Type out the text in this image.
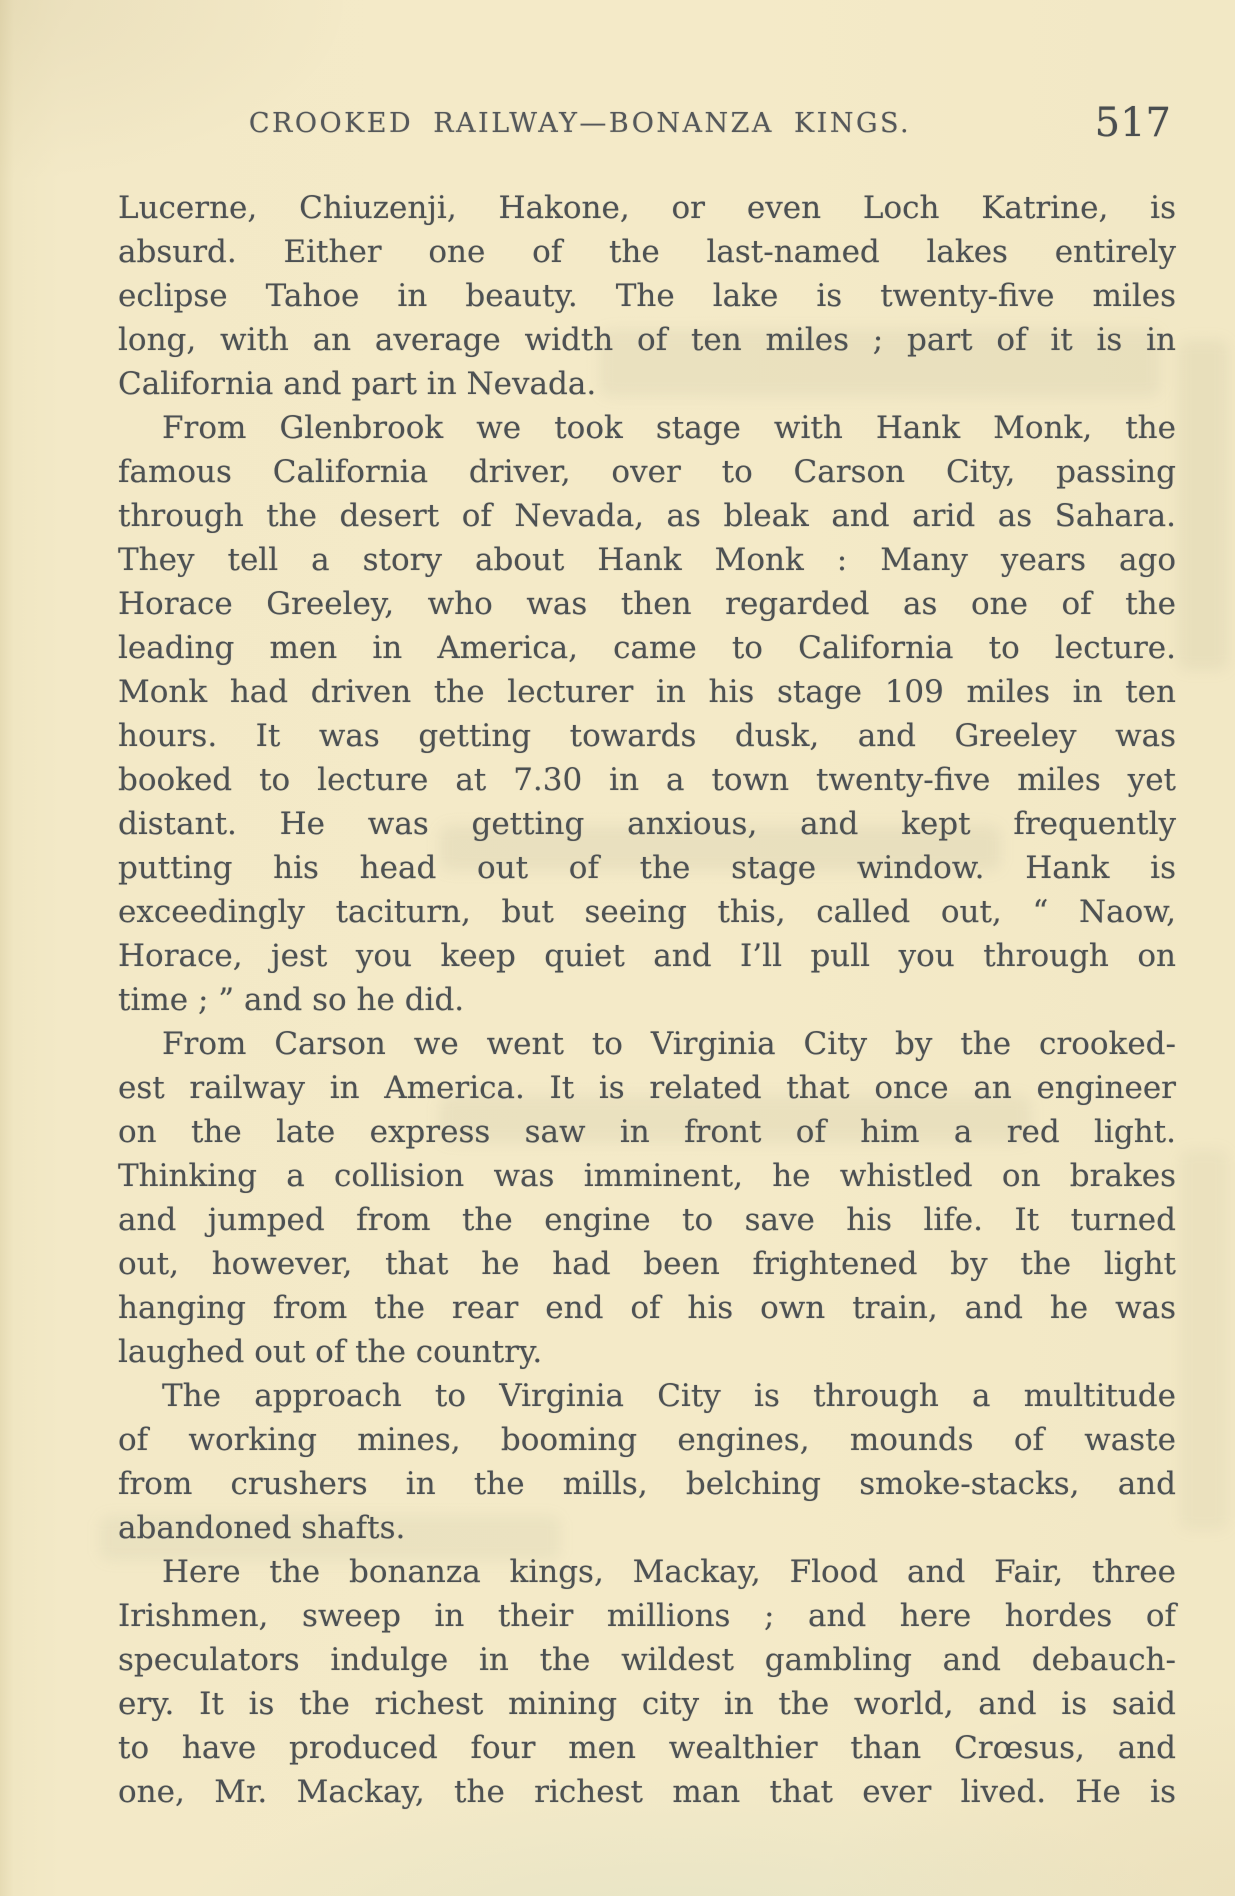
CROOKED RAILWAY—BONANZA KINGS.	517
Lucerne, Chiuzenji, Hakone, or even Loch Katrine, is
absurd. Either one of the last-named lakes entirely
eclipse Tahoe in beauty. The lake is twenty-five miles
long, with an average width of ten miles ; part of it is in
California and part in Nevada.
From Glenbrook we took stage with Hank Monk, the
famous California driver, over to Carson City, passing
through the desert of Nevada, as bleak and arid as Sahara.
They tell a story about Hank Monk : Many years ago
Horace Greeley, who was then regarded as one of the
leading men in America, came to California to lecture.
Monk had driven the lecturer in his stage 109 miles in ten
hours. It was getting towards dusk, and Greeley was
booked to lecture at 7.30 in a town twenty-five miles yet
distant. He was getting anxious, and kept frequently
putting his head out of the stage window. Hank is
exceedingly taciturn, but seeing this, called out, “ Naow,
Horace, jest you keep quiet and I’ll pull you through on
time ; ” and so he did.
From Carson we went to Virginia City by the crooked-
est railway in America. It is related that once an engineer
on the late express saw in front of him a red light.
Thinking a collision was imminent, he whistled on brakes
and jumped from the engine to save his life. It turned
out, however, that he had been frightened by the light
hanging from the rear end of his own train, and he was
laughed out of the country.
The approach to Virginia City is through a multitude
of working mines, booming engines, mounds of waste
from crushers in the mills, belching smoke-stacks, and
abandoned shafts.
Here the bonanza kings, Mackay, Flood and Fair, three
Irishmen, sweep in their millions ; and here hordes of
speculators indulge in the wildest gambling and debauch-
ery. It is the richest mining city in the world, and is said
to have produced four men wealthier than Crœsus, and
one, Mr. Mackay, the richest man that ever lived. He is
